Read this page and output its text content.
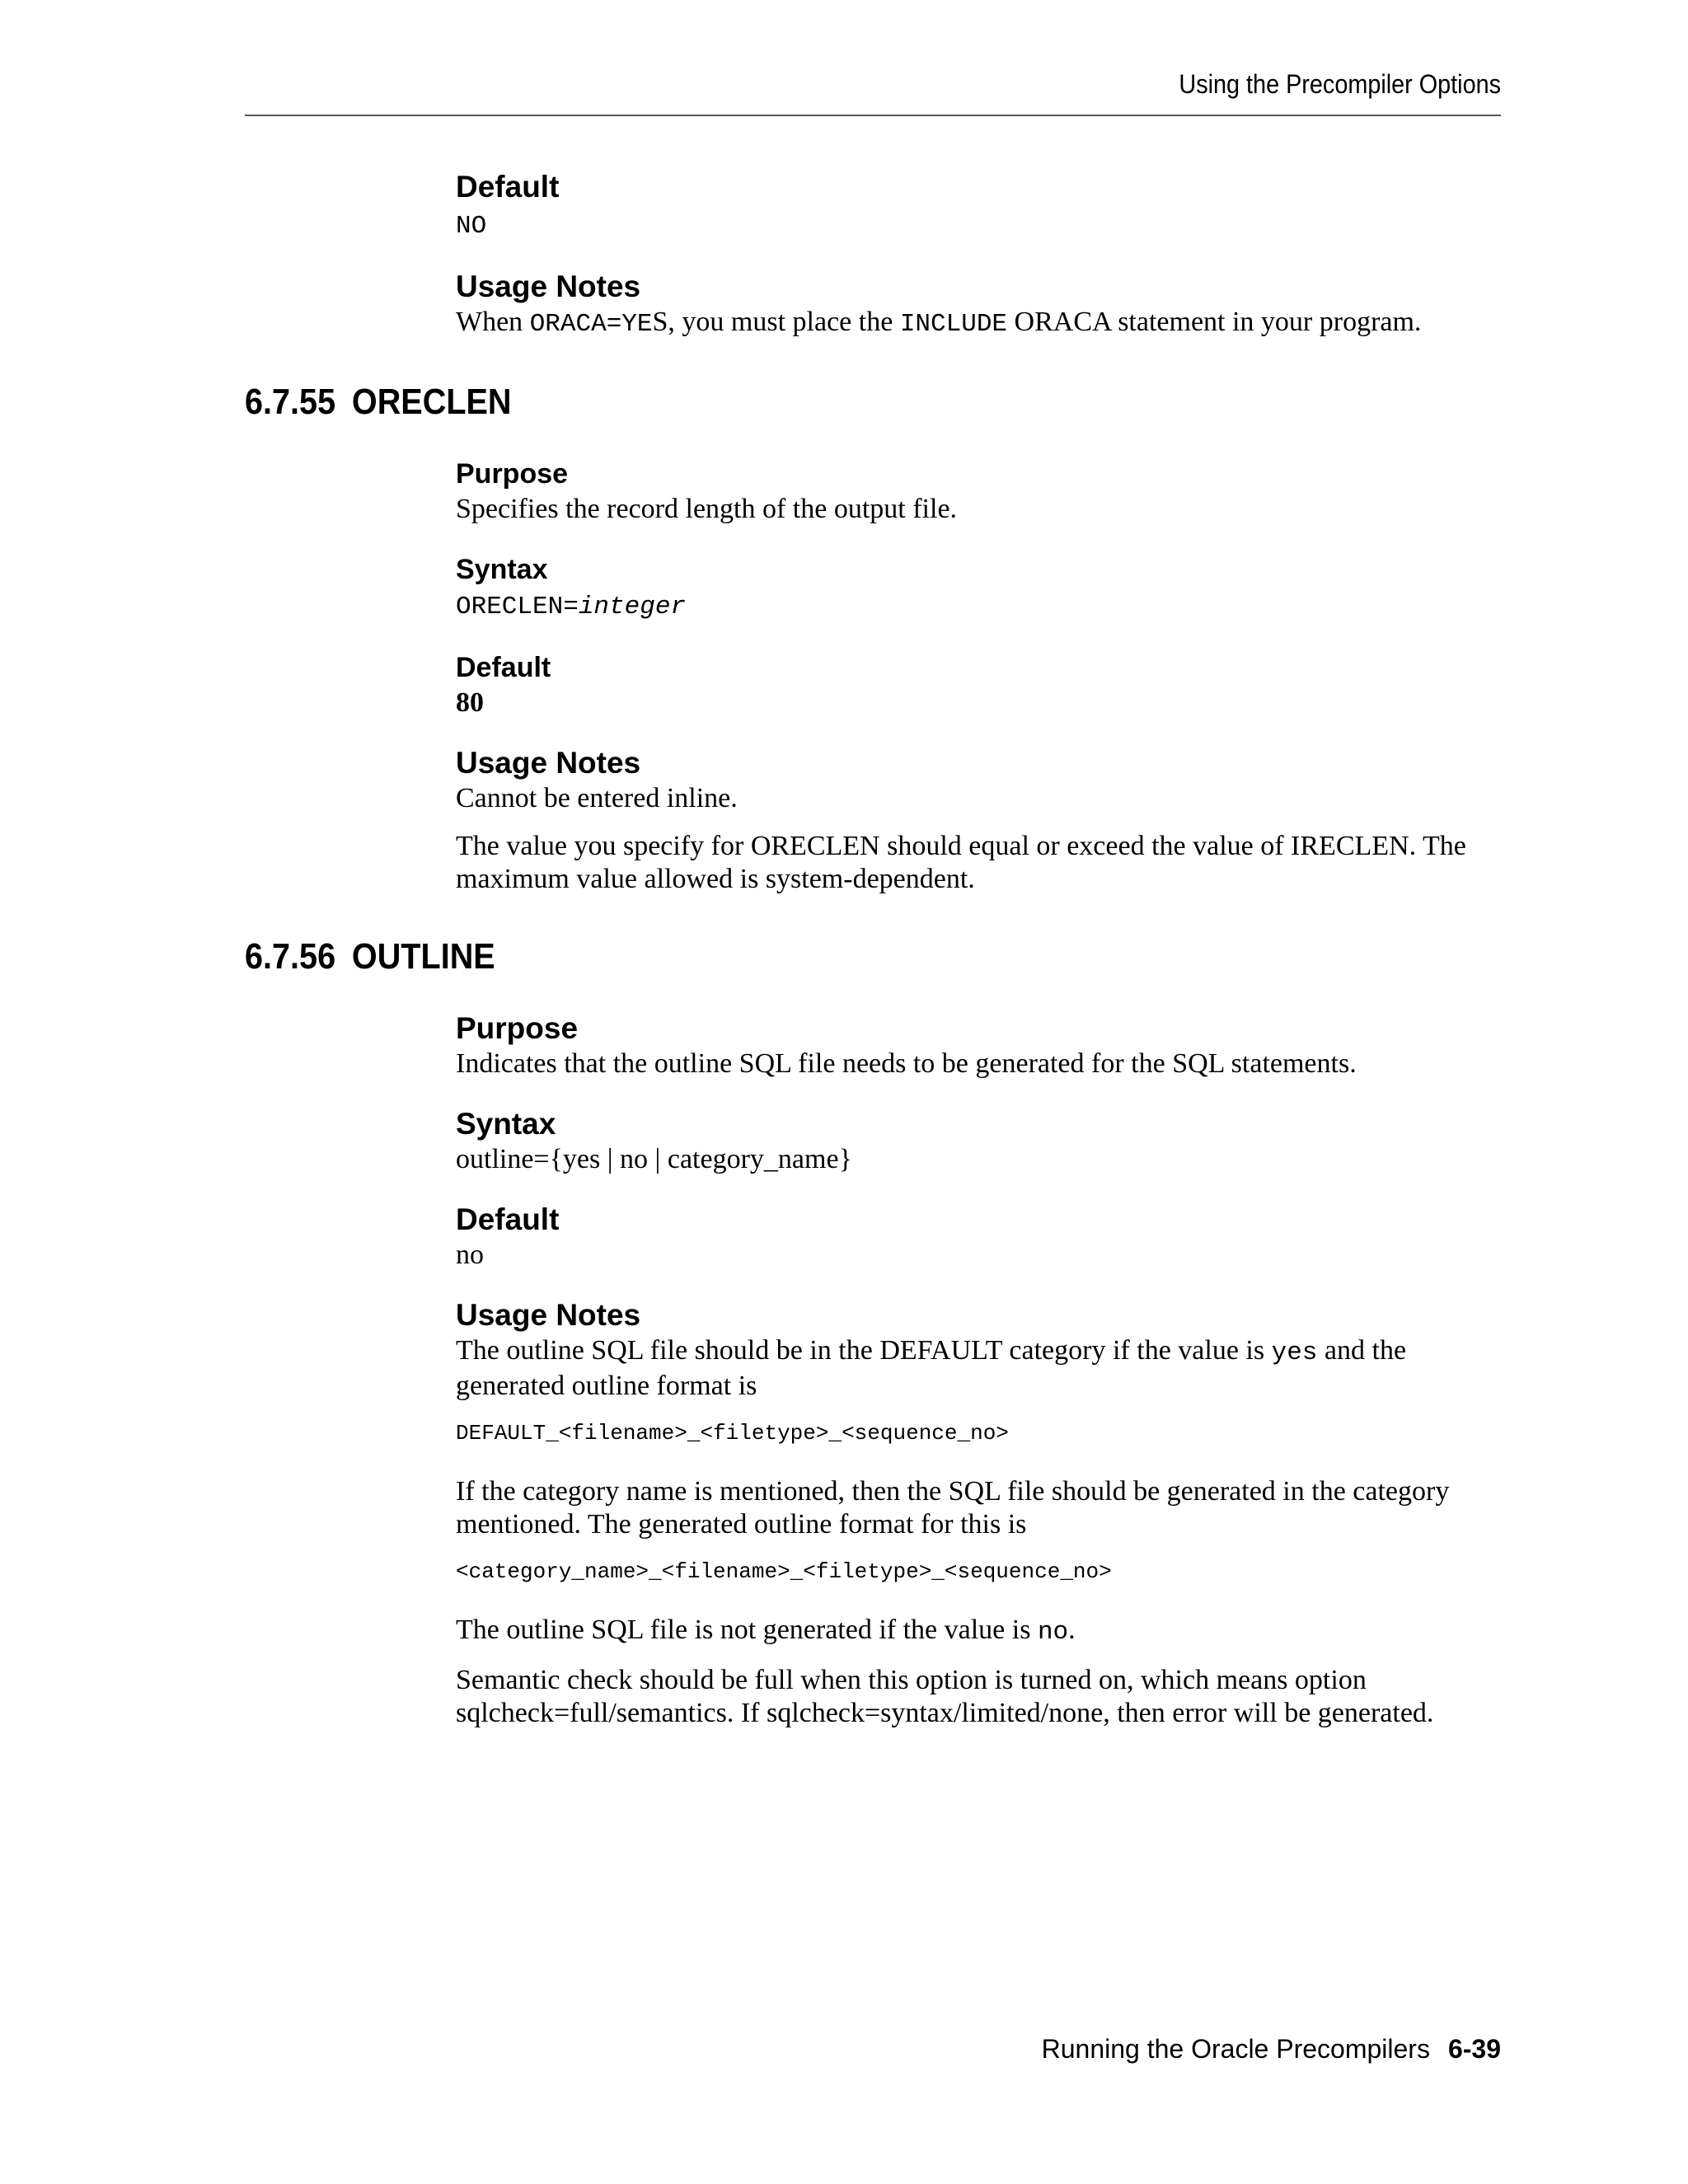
Using the Precompiler Options
Default

NO

Usage Notes

When ORACA=YES, you must place the INCLUDE ORACA statement in your program.

6.7.55 ORECLEN
Purpose

Specifies the record length of the output file.

Syntax

ORECLEN=integer

Default

80

Usage Notes

Cannot be entered inline.

The value you specify for ORECLEN should equal or exceed the value of IRECLEN. The maximum value allowed is system-dependent.

6.7.56 OUTLINE
Purpose

Indicates that the outline SQL file needs to be generated for the SQL statements.

Syntax

outline={yes | no | category_name}

Default

no

Usage Notes

The outline SQL file should be in the DEFAULT category if the value is yes and the generated outline format is

DEFAULT_<filename>_<filetype>_<sequence_no>

If the category name is mentioned, then the SQL file should be generated in the category mentioned. The generated outline format for this is

<category_name>_<filename>_<filetype>_<sequence_no>

The outline SQL file is not generated if the value is no.

Semantic check should be full when this option is turned on, which means option sqlcheck=full/semantics. If sqlcheck=syntax/limited/none, then error will be generated.

Running the Oracle Precompilers 6-39
